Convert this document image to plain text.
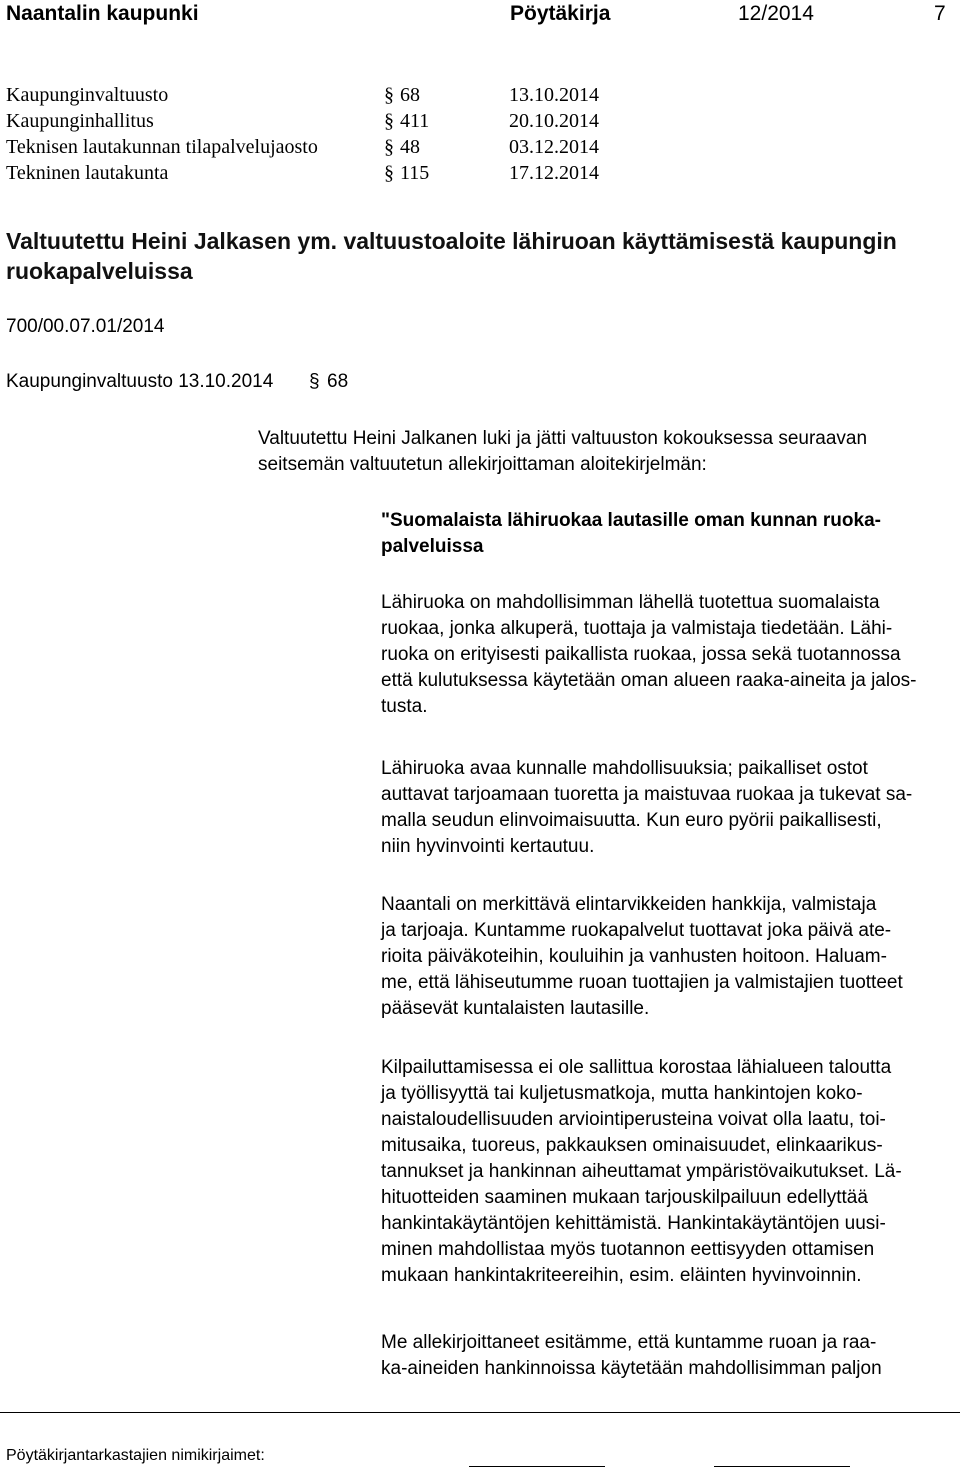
Naantalin kaupunki	Pöytäkirja	12/2014	7
Kaupunginvaltuusto	§ 68	13.10.2014
Kaupunginhallitus	§ 411	20.10.2014
Teknisen lautakunnan tilapalvelujaosto	§ 48	03.12.2014
Tekninen lautakunta	§ 115	17.12.2014
Valtuutettu Heini Jalkasen ym. valtuustoaloite lähiruoan käyttämisestä kaupungin
ruokapalveluissa
700/00.07.01/2014
Kaupunginvaltuusto 13.10.2014 § 68
Valtuutettu Heini Jalkanen luki ja jätti valtuuston kokouksessa seuraavan
seitsemän valtuutetun allekirjoittaman aloitekirjelmän:
"Suomalaista lähiruokaa lautasille oman kunnan ruoka-
palveluissa
Lähiruoka on mahdollisimman lähellä tuotettua suomalaista
ruokaa, jonka alkuperä, tuottaja ja valmistaja tiedetään. Lähi-
ruoka on erityisesti paikallista ruokaa, jossa sekä tuotannossa
että kulutuksessa käytetään oman alueen raaka-aineita ja jalos-
tusta.
Lähiruoka avaa kunnalle mahdollisuuksia; paikalliset ostot
auttavat tarjoamaan tuoretta ja maistuvaa ruokaa ja tukevat sa-
malla seudun elinvoimaisuutta. Kun euro pyörii paikallisesti,
niin hyvinvointi kertautuu.
Naantali on merkittävä elintarvikkeiden hankkija, valmistaja
ja tarjoaja. Kuntamme ruokapalvelut tuottavat joka päivä ate-
rioita päiväkoteihin, kouluihin ja vanhusten hoitoon. Haluam-
me, että lähiseutumme ruoan tuottajien ja valmistajien tuotteet
pääsevät kuntalaisten lautasille.
Kilpailuttamisessa ei ole sallittua korostaa lähialueen taloutta
ja työllisyyttä tai kuljetusmatkoja, mutta hankintojen koko-
naistaloudellisuuden arviointiperusteina voivat olla laatu, toi-
mitusaika, tuoreus, pakkauksen ominaisuudet, elinkaarikus-
tannukset ja hankinnan aiheuttamat ympäristövaikutukset. Lä-
hituotteiden saaminen mukaan tarjouskilpailuun edellyttää
hankintakäytäntöjen kehittämistä. Hankintakäytäntöjen uusi-
minen mahdollistaa myös tuotannon eettisyyden ottamisen
mukaan hankintakriteereihin, esim. eläinten hyvinvoinnin.
Me allekirjoittaneet esitämme, että kuntamme ruoan ja raa-
ka-aineiden hankinnoissa käytetään mahdollisimman paljon
Pöytäkirjantarkastajien nimikirjaimet:
